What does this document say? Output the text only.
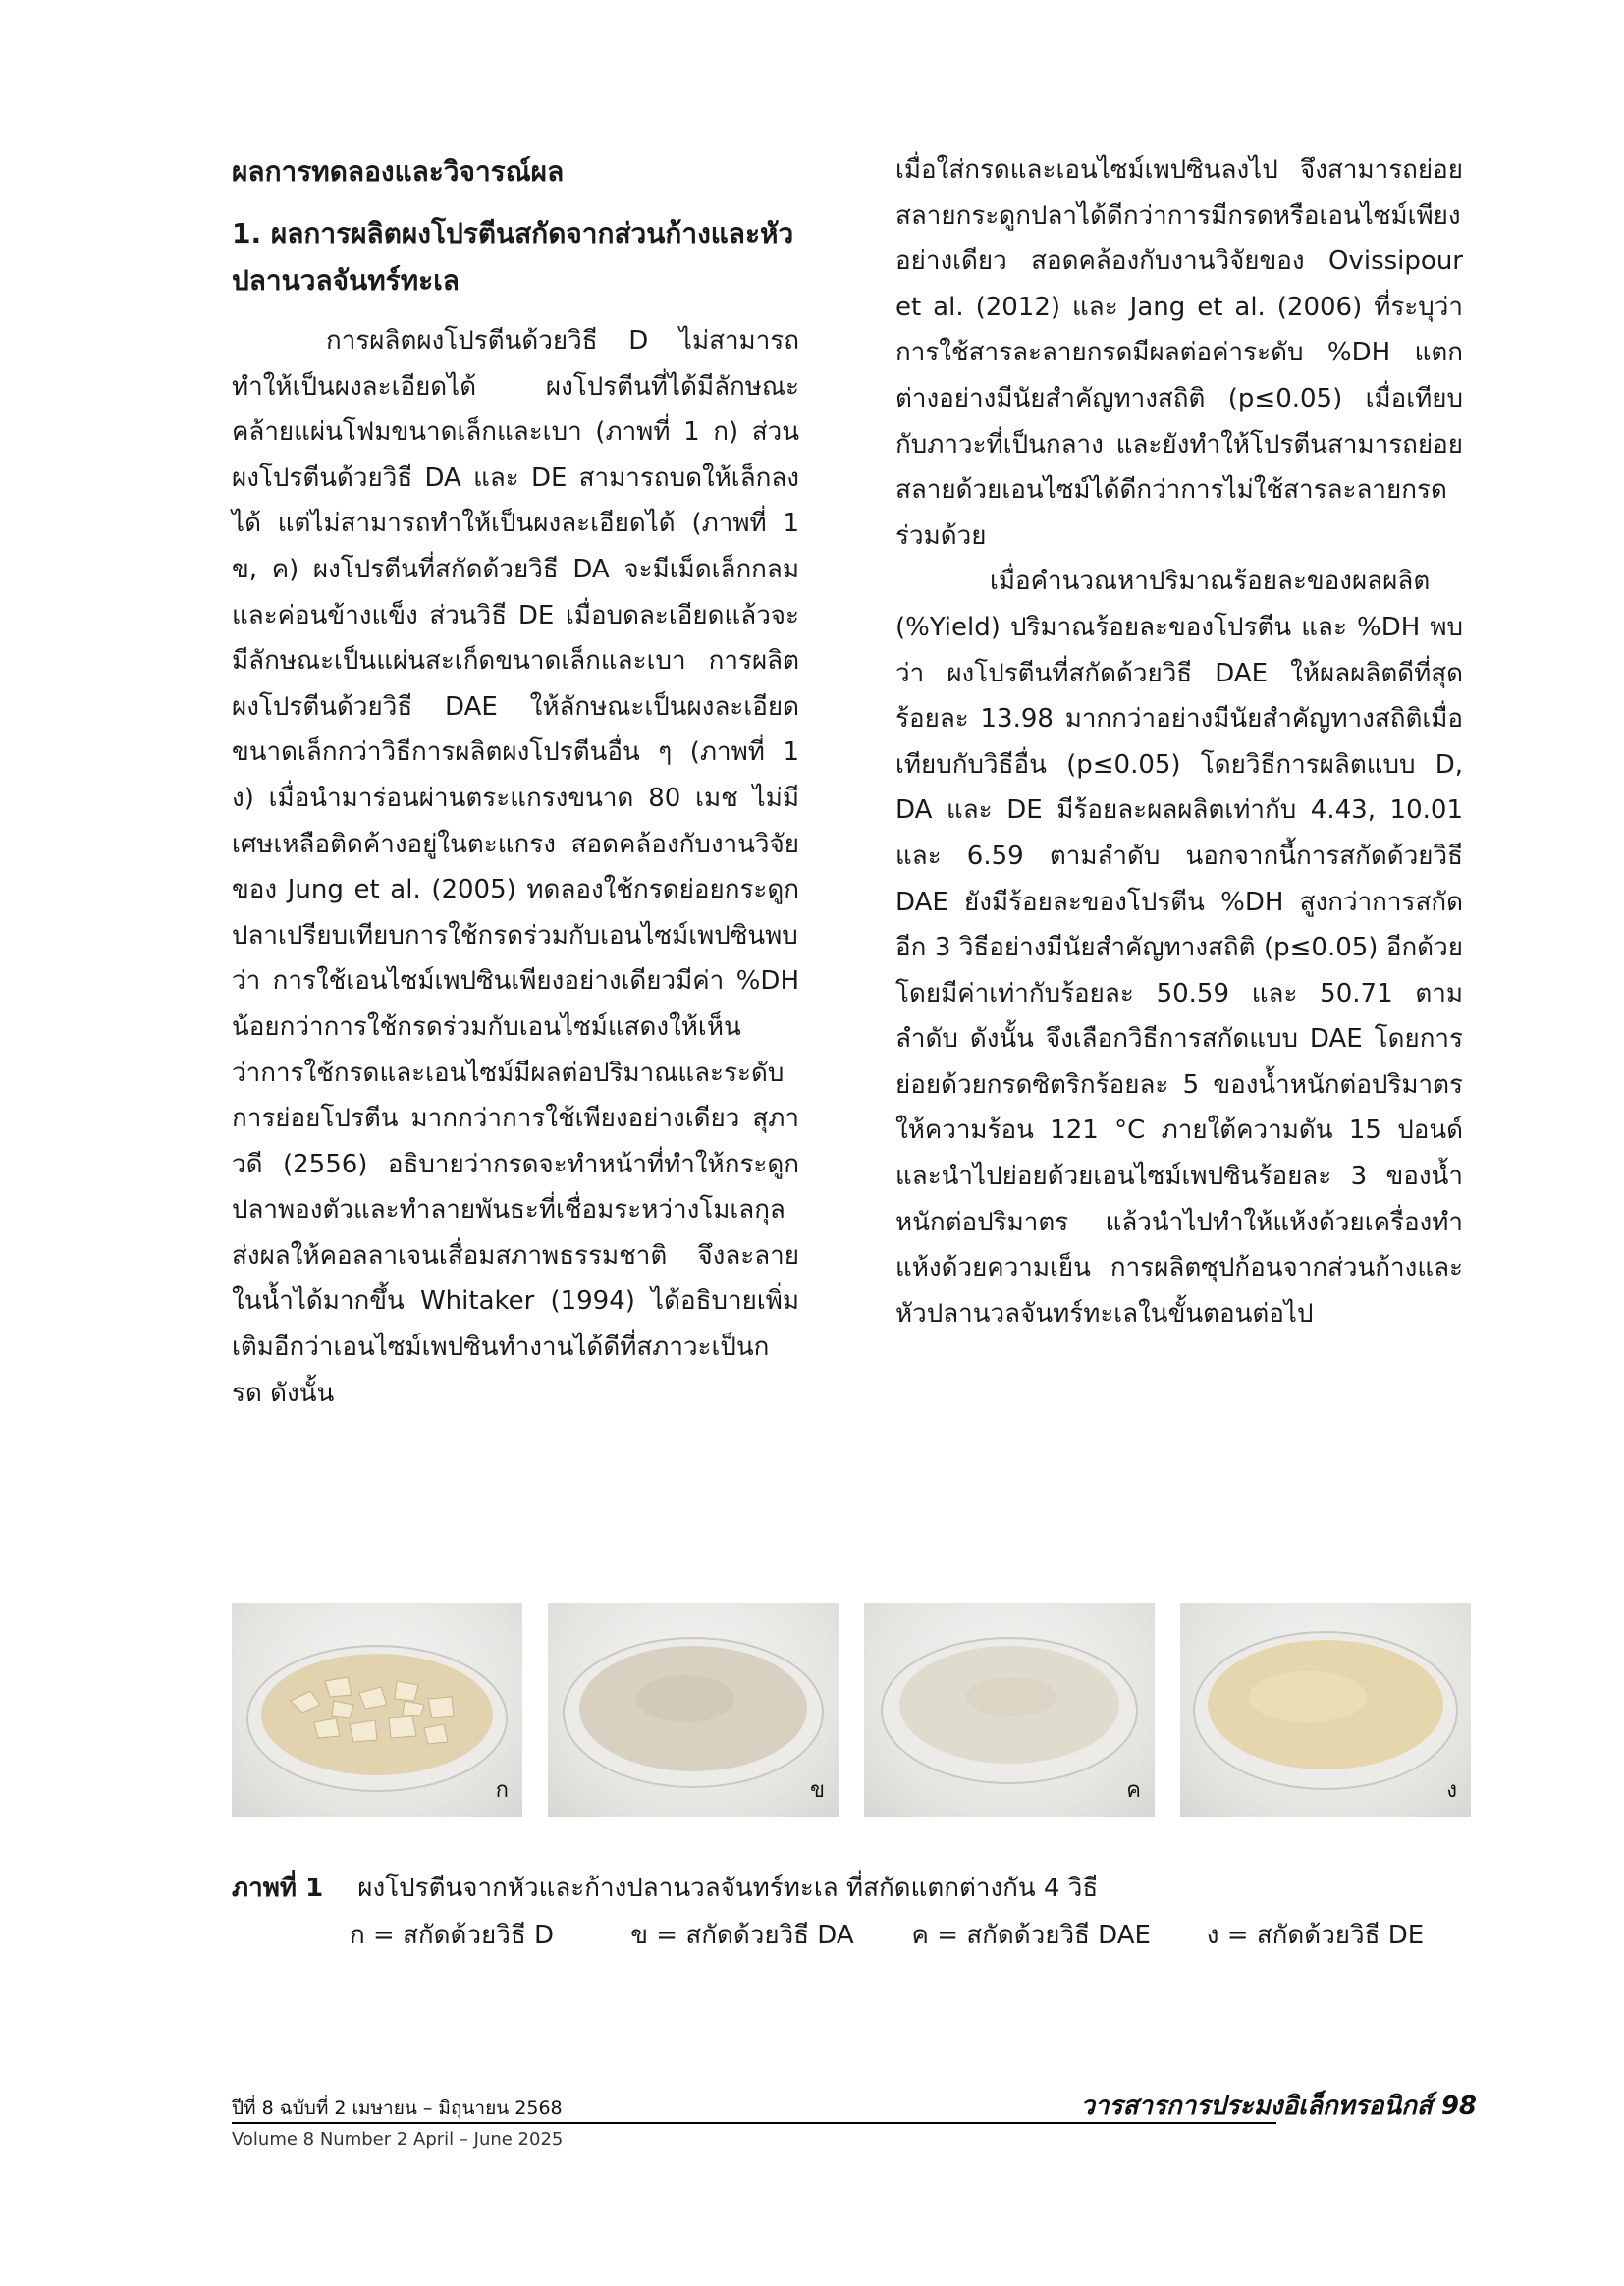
ผลการทดลองและวิจารณ์ผล

1. ผลการผลิตผงโปรตีนสกัดจากส่วนก้างและหัวปลานวลจันทร์ทะเล

การผลิตผงโปรตีนด้วยวิธี D ไม่สามารถทำให้เป็นผงละเอียดได้ ผงโปรตีนที่ได้มีลักษณะคล้ายแผ่นโฟมขนาดเล็กและเบา (ภาพที่ 1 ก) ส่วนผงโปรตีนด้วยวิธี DA และ DE สามารถบดให้เล็กลงได้ แต่ไม่สามารถทำให้เป็นผงละเอียดได้ (ภาพที่ 1 ข, ค) ผงโปรตีนที่สกัดด้วยวิธี DA จะมีเม็ดเล็กกลมและค่อนข้างแข็ง ส่วนวิธี DE เมื่อบดละเอียดแล้วจะมีลักษณะเป็นแผ่นสะเก็ดขนาดเล็กและเบา การผลิตผงโปรตีนด้วยวิธี DAE ให้ลักษณะเป็นผงละเอียดขนาดเล็กกว่าวิธีการผลิตผงโปรตีนอื่น ๆ (ภาพที่ 1 ง) เมื่อนำมาร่อนผ่านตระแกรงขนาด 80 เมช ไม่มีเศษเหลือติดค้างอยู่ในตะแกรง สอดคล้องกับงานวิจัยของ Jung et al. (2005) ทดลองใช้กรดย่อยกระดูกปลาเปรียบเทียบการใช้กรดร่วมกับเอนไซม์เพปซินพบว่า การใช้เอนไซม์เพปซินเพียงอย่างเดียวมีค่า %DH น้อยกว่าการใช้กรดร่วมกับเอนไซม์แสดงให้เห็นว่าการใช้กรดและเอนไซม์มีผลต่อปริมาณและระดับการย่อยโปรตีน มากกว่าการใช้เพียงอย่างเดียว สุภาวดี (2556) อธิบายว่ากรดจะทำหน้าที่ทำให้กระดูกปลาพองตัวและทำลายพันธะที่เชื่อมระหว่างโมเลกุล ส่งผลให้คอลลาเจนเสื่อมสภาพธรรมชาติ จึงละลายในน้ำได้มากขึ้น Whitaker (1994) ได้อธิบายเพิ่มเติมอีกว่าเอนไซม์เพปซินทำงานได้ดีที่สภาวะเป็นกรด ดังนั้น

เมื่อใส่กรดและเอนไซม์เพปซินลงไป จึงสามารถย่อยสลายกระดูกปลาได้ดีกว่าการมีกรดหรือเอนไซม์เพียงอย่างเดียว สอดคล้องกับงานวิจัยของ Ovissipour et al. (2012) และ Jang et al. (2006) ที่ระบุว่า การใช้สารละลายกรดมีผลต่อค่าระดับ %DH แตกต่างอย่างมีนัยสำคัญทางสถิติ (p≤0.05) เมื่อเทียบกับภาวะที่เป็นกลาง และยังทำให้โปรตีนสามารถย่อยสลายด้วยเอนไซม์ได้ดีกว่าการไม่ใช้สารละลายกรดร่วมด้วย

เมื่อคำนวณหาปริมาณร้อยละของผลผลิต (%Yield) ปริมาณร้อยละของโปรตีน และ %DH พบว่า ผงโปรตีนที่สกัดด้วยวิธี DAE ให้ผลผลิตดีที่สุดร้อยละ 13.98 มากกว่าอย่างมีนัยสำคัญทางสถิติเมื่อเทียบกับวิธีอื่น (p≤0.05) โดยวิธีการผลิตแบบ D, DA และ DE มีร้อยละผลผลิตเท่ากับ 4.43, 10.01 และ 6.59 ตามลำดับ นอกจากนี้การสกัดด้วยวิธี DAE ยังมีร้อยละของโปรตีน %DH สูงกว่าการสกัดอีก 3 วิธีอย่างมีนัยสำคัญทางสถิติ (p≤0.05) อีกด้วย โดยมีค่าเท่ากับร้อยละ 50.59 และ 50.71 ตามลำดับ ดังนั้น จึงเลือกวิธีการสกัดแบบ DAE โดยการย่อยด้วยกรดซิตริกร้อยละ 5 ของน้ำหนักต่อปริมาตร ให้ความร้อน 121 °C ภายใต้ความดัน 15 ปอนด์ และนำไปย่อยด้วยเอนไซม์เพปซินร้อยละ 3 ของน้ำหนักต่อปริมาตร แล้วนำไปทำให้แห้งด้วยเครื่องทำแห้งด้วยความเย็น การผลิตซุปก้อนจากส่วนก้างและหัวปลานวลจันทร์ทะเลในขั้นตอนต่อไป

ก	ข	ค	ง
ภาพที่ 1 ผงโปรตีนจากหัวและก้างปลานวลจันทร์ทะเล ที่สกัดแตกต่างกัน 4 วิธี
ก = สกัดด้วยวิธี D	ข = สกัดด้วยวิธี DA ค = สกัดด้วยวิธี DAE ง = สกัดด้วยวิธี DE
ปีที่ 8 ฉบับที่ 2 เมษายน – มิถุนายน 2568
Volume 8 Number 2 April – June 2025
วารสารการประมงอิเล็กทรอนิกส์ 98
